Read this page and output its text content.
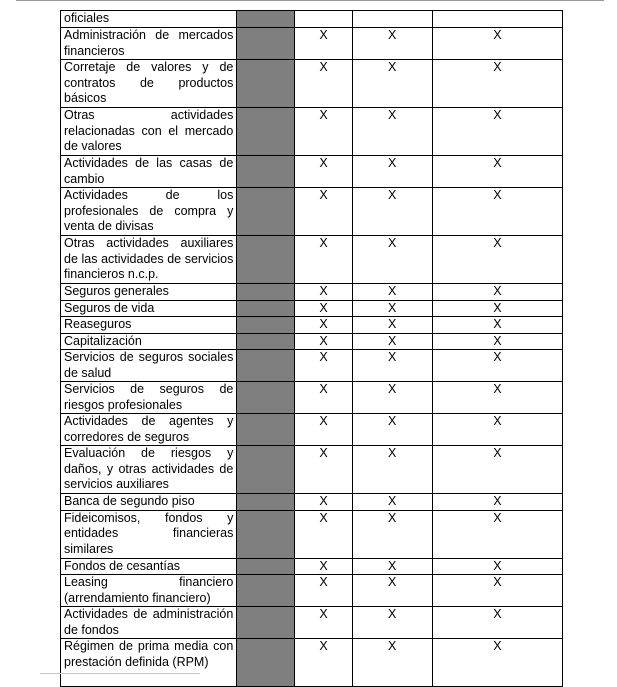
oficiales				
Administración de mercados financieros		X	X	X
Corretaje de valores y de contratos de productos básicos		X	X	X
Otras actividades relacionadas con el mercado de valores		X	X	X
Actividades de las casas de cambio		X	X	X
Actividades de los profesionales de compra y venta de divisas		X	X	X
Otras actividades auxiliares de las actividades de servicios financieros n.c.p.		X	X	X
Seguros generales		X	X	X
Seguros de vida		X	X	X
Reaseguros		X	X	X
Capitalización		X	X	X
Servicios de seguros sociales de salud		X	X	X
Servicios de seguros de riesgos profesionales		X	X	X
Actividades de agentes y corredores de seguros		X	X	X
Evaluación de riesgos y daños, y otras actividades de servicios auxiliares		X	X	X
Banca de segundo piso		X	X	X
Fideicomisos, fondos y entidades financieras similares		X	X	X
Fondos de cesantías		X	X	X
Leasing financiero (arrendamiento financiero)		X	X	X
Actividades de administración de fondos		X	X	X
Régimen de prima media con prestación definida (RPM)		X	X	X
